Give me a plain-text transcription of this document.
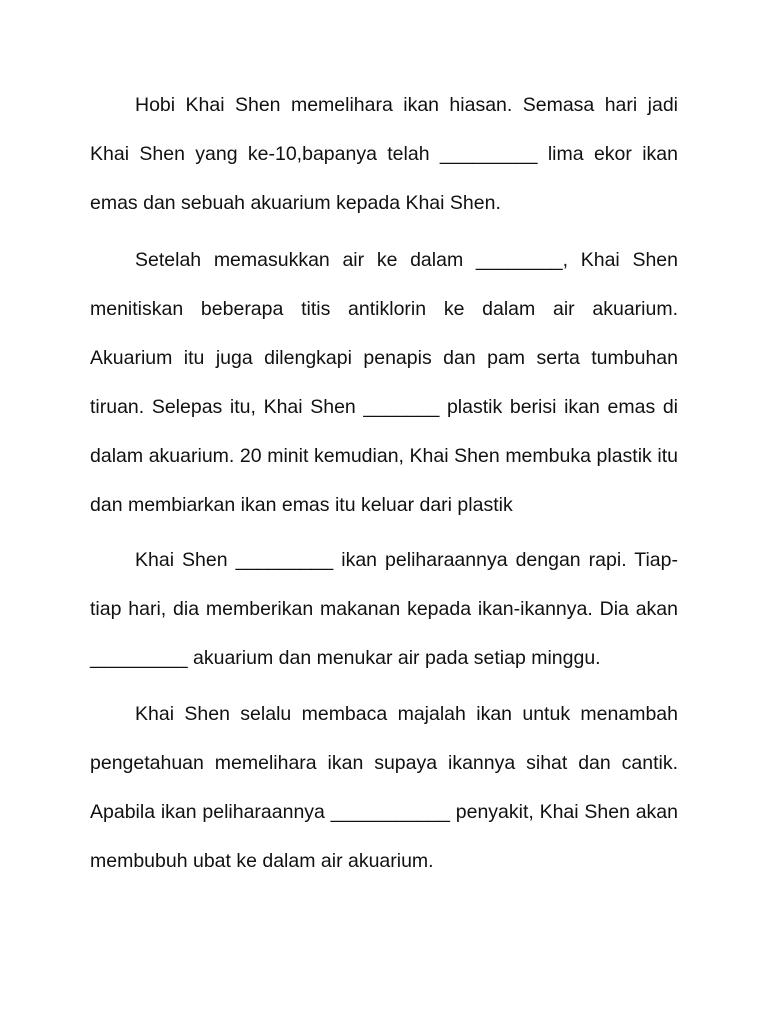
Hobi Khai Shen memelihara ikan hiasan. Semasa hari jadi Khai Shen yang ke-10,bapanya telah _________ lima ekor ikan emas dan sebuah akuarium kepada Khai Shen.

Setelah memasukkan air ke dalam ________, Khai Shen menitiskan beberapa titis antiklorin ke dalam air akuarium. Akuarium itu juga dilengkapi penapis dan pam serta tumbuhan tiruan. Selepas itu, Khai Shen _______ plastik berisi ikan emas di dalam akuarium. 20 minit kemudian, Khai Shen membuka plastik itu dan membiarkan ikan emas itu keluar dari plastik

Khai Shen _________ ikan peliharaannya dengan rapi. Tiap-tiap hari, dia memberikan makanan kepada ikan-ikannya. Dia akan _________ akuarium dan menukar air pada setiap minggu.

Khai Shen selalu membaca majalah ikan untuk menambah pengetahuan memelihara ikan supaya ikannya sihat dan cantik. Apabila ikan peliharaannya ___________ penyakit, Khai Shen akan membubuh ubat ke dalam air akuarium.
